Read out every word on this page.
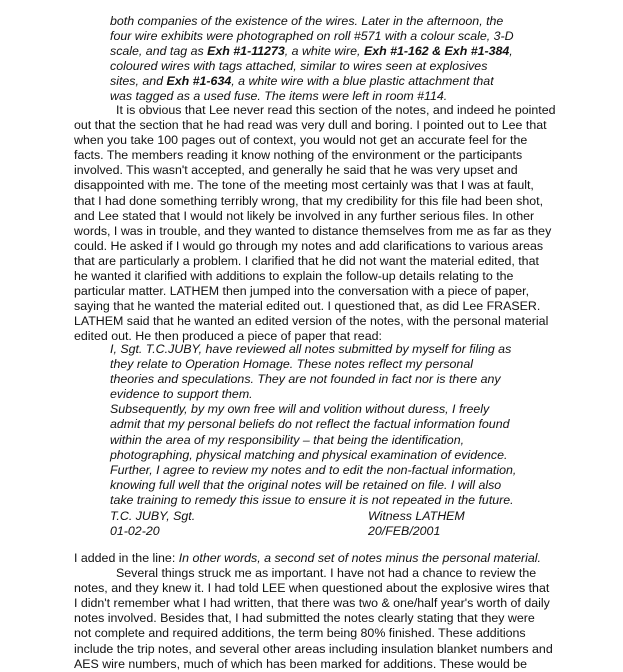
both companies of the existence of the wires. Later in the afternoon, the
four wire exhibits were photographed on roll #571 with a colour scale, 3-D
scale, and tag as Exh #1-11273, a white wire, Exh #1-162 & Exh #1-384,
coloured wires with tags attached, similar to wires seen at explosives
sites, and Exh #1-634, a white wire with a blue plastic attachment that
was tagged as a used fuse. The items were left in room #114.
It is obvious that Lee never read this section of the notes, and indeed he pointed
out that the section that he had read was very dull and boring. I pointed out to Lee that
when you take 100 pages out of context, you would not get an accurate feel for the
facts. The members reading it know nothing of the environment or the participants
involved. This wasn't accepted, and generally he said that he was very upset and
disappointed with me. The tone of the meeting most certainly was that I was at fault,
that I had done something terribly wrong, that my credibility for this file had been shot,
and Lee stated that I would not likely be involved in any further serious files. In other
words, I was in trouble, and they wanted to distance themselves from me as far as they
could. He asked if I would go through my notes and add clarifications to various areas
that are particularly a problem. I clarified that he did not want the material edited, that
he wanted it clarified with additions to explain the follow-up details relating to the
particular matter. LATHEM then jumped into the conversation with a piece of paper,
saying that he wanted the material edited out. I questioned that, as did Lee FRASER.
LATHEM said that he wanted an edited version of the notes, with the personal material
edited out. He then produced a piece of paper that read:
I, Sgt. T.C.JUBY, have reviewed all notes submitted by myself for filing as
they relate to Operation Homage. These notes reflect my personal
theories and speculations. They are not founded in fact nor is there any
evidence to support them.
Subsequently, by my own free will and volition without duress, I freely
admit that my personal beliefs do not reflect the factual information found
within the area of my responsibility – that being the identification,
photographing, physical matching and physical examination of evidence.
Further, I agree to review my notes and to edit the non-factual information,
knowing full well that the original notes will be retained on file. I will also
take training to remedy this issue to ensure it is not repeated in the future.
T.C. JUBY, Sgt.	Witness LATHEM
01-02-20	20/FEB/2001
I added in the line: In other words, a second set of notes minus the personal material.
Several things struck me as important. I have not had a chance to review the
notes, and they knew it. I had told LEE when questioned about the explosive wires that
I didn't remember what I had written, that there was two & one/half year's worth of daily
notes involved. Besides that, I had submitted the notes clearly stating that they were
not complete and required additions, the term being 80% finished. These additions
include the trip notes, and several other areas including insulation blanket numbers and
AES wire numbers, much of which has been marked for additions. These would be
